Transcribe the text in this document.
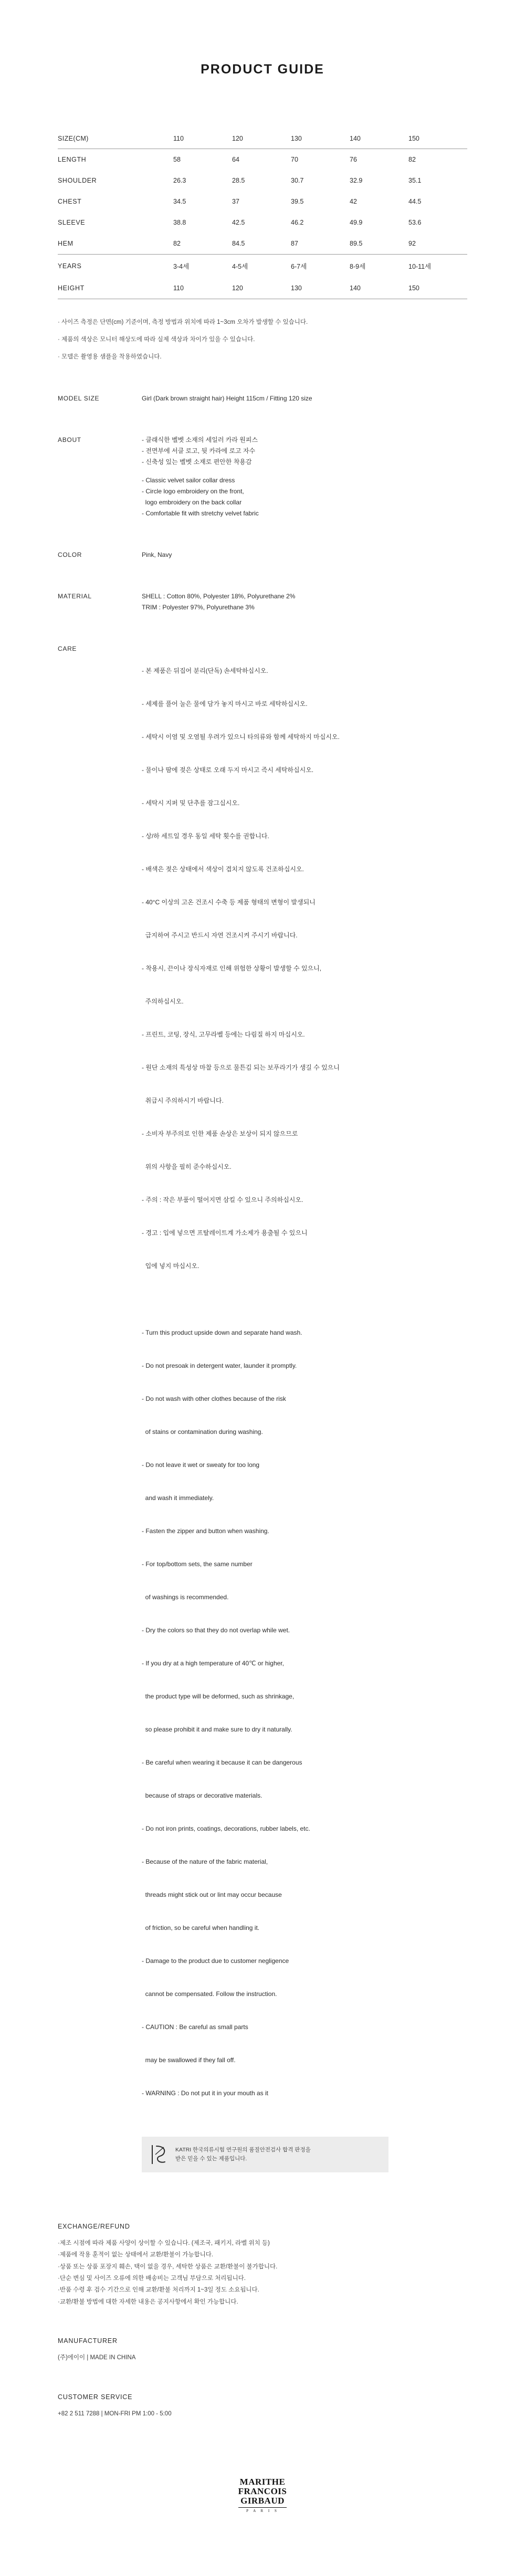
PRODUCT GUIDE
SIZE(CM)	110	120	130	140	150
LENGTH	58	64	70	76	82
SHOULDER	26.3	28.5	30.7	32.9	35.1
CHEST	34.5	37	39.5	42	44.5
SLEEVE	38.8	42.5	46.2	49.9	53.6
HEM	82	84.5	87	89.5	92

YEARS	3-4세	4-5세	6-7세	8-9세	10-11세
HEIGHT	110	120	130	140	150

· 사이즈 측정은 단면(cm) 기준이며, 측정 방법과 위치에 따라 1~3cm 오차가 발생할 수 있습니다.

· 제품의 색상은 모니터 해상도에 따라 실제 색상과 차이가 있을 수 있습니다.

· 모델은 촬영용 샘플을 착용하였습니다.

MODEL SIZE	Girl (Dark brown straight hair) Height 115cm / Fitting 120 size
ABOUT	- 클래식한 벨벳 소재의 세일러 카라 원피스

- 전면부에 서클 로고, 뒷 카라에 로고 자수

- 신축성 있는 벨벳 소재로 편안한 착용감

- Classic velvet sailor collar dress

- Circle logo embroidery on the front,

logo embroidery on the back collar

- Comfortable fit with stretchy velvet fabric

COLOR	Pink, Navy
MATERIAL	SHELL : Cotton 80%, Polyester 18%, Polyurethane 2%

TRIM : Polyester 97%, Polyurethane 3%

CARE

- 본 제품은 뒤집어 분리(단독) 손세탁하십시오.

- 세제를 풀어 눌은 물에 담가 놓지 마시고 바로 세탁하십시오.

- 세탁시 이염 및 오염될 우려가 있으니 타의류와 함께 세탁하지 마십시오.

- 물이나 땀에 젖은 상태로 오래 두지 마시고 즉시 세탁하십시오.

- 세탁시 지퍼 및 단추를 잠그십시오.

- 상/하 세트일 경우 동일 세탁 횟수를 권합니다.

- 배색은 젖은 상태에서 색상이 겹치지 않도록 건조하십시오.

- 40°C 이상의 고온 건조시 수축 등 제품 형태의 변형이 발생되니

급지하여 주시고 반드시 자연 건조시켜 주시기 바랍니다.

- 착용시, 끈이나 장식자재로 인해 위험한 상황이 발생할 수 있으니,

주의하십시오.

- 프린트, 코팅, 장식, 고무라벨 등에는 다림질 하지 마십시오.

- 원단 소재의 특성상 마찰 등으로 물튼김 되는 보푸라기가 생길 수 있으니

취급시 주의하시기 바랍니다.

- 소비자 부주의로 인한 제품 손상은 보상이 되지 않으므로

위의 사항을 필히 준수하십시오.

- 주의 : 작은 부품이 떨어지면 삼킬 수 있으니 주의하십시오.

- 경고 : 입에 넣으면 프탈레이트계 가소제가 용출될 수 있으니

입에 넣지 마십시오.

- Turn this product upside down and separate hand wash.

- Do not presoak in detergent water, launder it promptly.

- Do not wash with other clothes because of the risk

of stains or contamination during washing.

- Do not leave it wet or sweaty for too long

and wash it immediately.

- Fasten the zipper and button when washing.

- For top/bottom sets, the same number

of washings is recommended.

- Dry the colors so that they do not overlap while wet.

- If you dry at a high temperature of 40℃ or higher,

the product type will be deformed, such as shrinkage,

so please prohibit it and make sure to dry it naturally.

- Be careful when wearing it because it can be dangerous

because of straps or decorative materials.

- Do not iron prints, coatings, decorations, rubber labels, etc.

- Because of the nature of the fabric material,

threads might stick out or lint may occur because

of friction, so be careful when handling it.

- Damage to the product due to customer negligence

cannot be compensated. Follow the instruction.

- CAUTION : Be careful as small parts

may be swallowed if they fall off.

- WARNING : Do not put it in your mouth as it

KATRI 한국의류시험 연구원의 품질안전검사 합격 판정을

받은 믿을 수 있는 제품입니다.

EXCHANGE/REFUND

·제조 시점에 따라 제품 사양이 상이할 수 있습니다. (제조국, 패키지, 라벨 위치 등)

·제품에 작용 훈적이 없는 상태에서 교환/환불이 가능합니다.

·상품 또는 상품 포장지 훼손, 택이 없을 경우, 세탁한 상품은 교환/환불이 불가합니다.

·단순 변심 및 사이즈 오류에 의한 배송비는 고객님 부담으로 처리됩니다.

·반품 수령 후 검수 기간으로 인해 교환/환불 처리까지 1~3일 정도 소요됩니다.

·교환/환불 방법에 대한 자세한 내용은 공지사항에서 확인 가능합니다.

MANUFACTURER

(주)에이이 | MADE IN CHINA

CUSTOMER SERVICE

+82 2 511 7288 | MON-FRI PM 1:00 - 5:00

MARITHE
FRANCOIS
GIRBAUD
P A R I S
